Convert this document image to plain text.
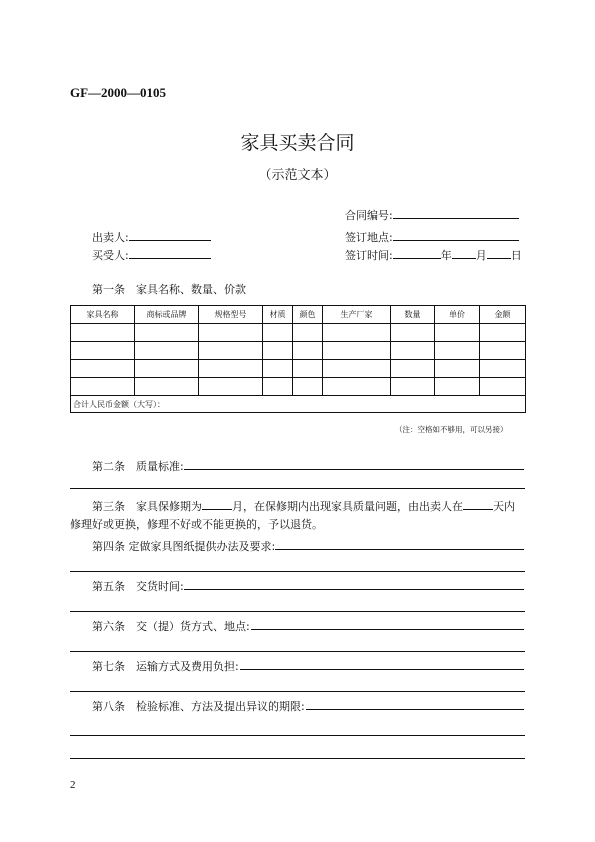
GF—2000—0105
家具买卖合同
（示范文本）
合同编号:
出卖人:	签订地点:
买受人:	签订时间:	年 月 日
第一条　家具名称、数量、价款
家具名称	商标或品牌	规格型号	材质	颜色	生产厂家	数量	单价	金额

合计人民币金额（大写）：								
（注：空格如不够用，可以另接）
第二条　质量标准:
第三条　家具保修期为	月，在保修期内出现家具质量问题，由出卖人在	天内
修理好或更换，修理不好或不能更换的，予以退货。
第四条 定做家具图纸提供办法及要求:
第五条　交货时间:
第六条　交（提）货方式、地点:
第七条　运输方式及费用负担:
第八条　检验标准、方法及提出异议的期限:
2
